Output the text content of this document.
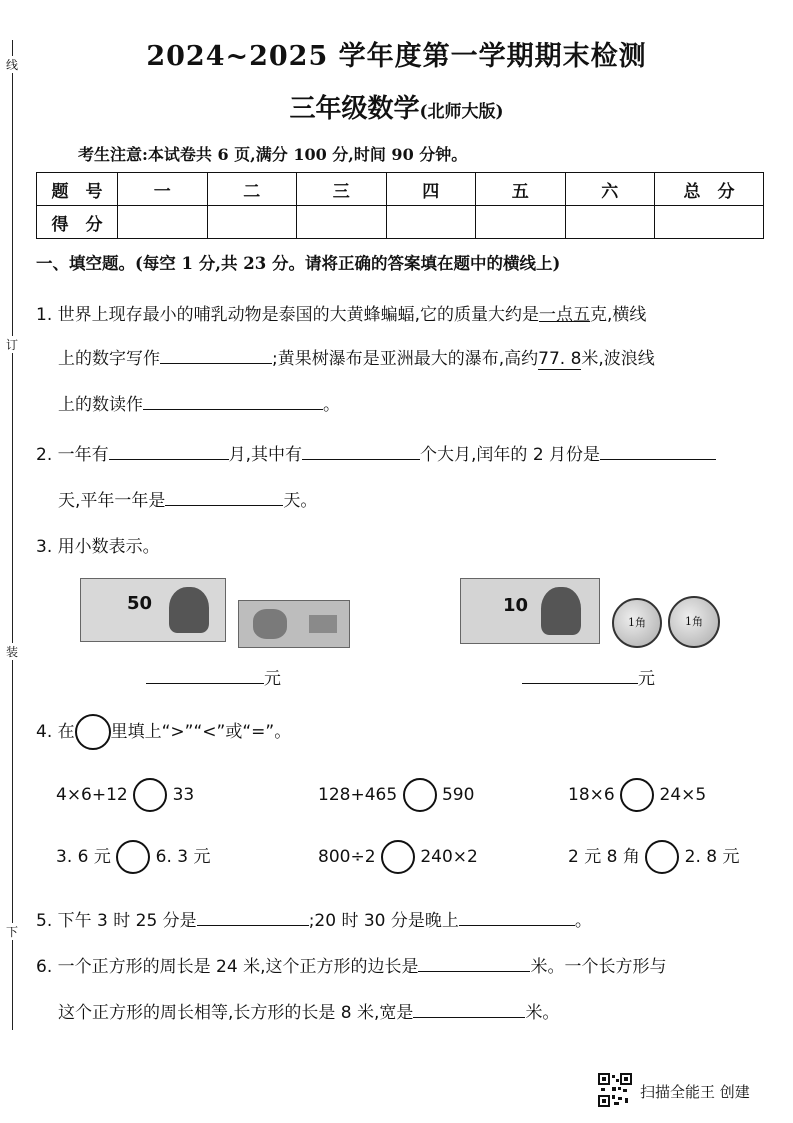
线
订
装
下
2024~2025 学年度第一学期期末检测
三年级数学(北师大版)
考生注意:本试卷共 6 页,满分 100 分,时间 90 分钟。
题　号	一	二	三	四	五	六	总　分
得　分							
一、填空题。(每空 1 分,共 23 分。请将正确的答案填在题中的横线上)
1. 世界上现存最小的哺乳动物是泰国的大黄蜂蝙蝠,它的质量大约是一点五克,横线
上的数字写作	;黄果树瀑布是亚洲最大的瀑布,高约77. 8米,波浪线
上的数读作	。
2. 一年有	月,其中有	个大月,闰年的 2 月份是
天,平年一年是	天。
3. 用小数表示。
50
元
10
1角	1角
元
4. 在 里填上“>”“<”或“=”。
4×6+12	33	128+465	590	18×6	24×5
3. 6 元	6. 3 元	800÷2	240×2	2 元 8 角	2. 8 元
5. 下午 3 时 25 分是	;20 时 30 分是晚上	。
6. 一个正方形的周长是 24 米,这个正方形的边长是	米。一个长方形与
这个正方形的周长相等,长方形的长是 8 米,宽是	米。
扫描全能王 创建
